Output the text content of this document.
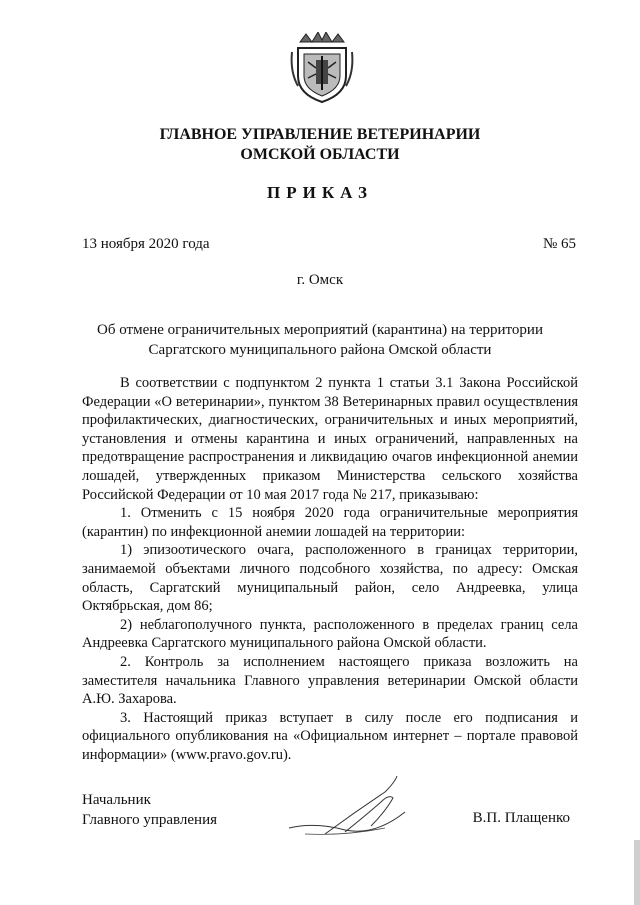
ГЛАВНОЕ УПРАВЛЕНИЕ ВЕТЕРИНАРИИ
ОМСКОЙ ОБЛАСТИ
ПРИКАЗ
13 ноября 2020 года	№ 65
г. Омск
Об отмене ограничительных мероприятий (карантина) на территории
Саргатского муниципального района Омской области

В соответствии с подпунктом 2 пункта 1 статьи 3.1 Закона Российской Федерации «О ветеринарии», пунктом 38 Ветеринарных правил осуществления профилактических, диагностических, ограничительных и иных мероприятий, установления и отмены карантина и иных ограничений, направленных на предотвращение распространения и ликвидацию очагов инфекционной анемии лошадей, утвержденных приказом Министерства сельского хозяйства Российской Федерации от 10 мая 2017 года № 217, приказываю:

1. Отменить с 15 ноября 2020 года ограничительные мероприятия (карантин) по инфекционной анемии лошадей на территории:

1) эпизоотического очага, расположенного в границах территории, занимаемой объектами личного подсобного хозяйства, по адресу: Омская область, Саргатский муниципальный район, село Андреевка, улица Октябрьская, дом 86;

2) неблагополучного пункта, расположенного в пределах границ села Андреевка Саргатского муниципального района Омской области.

2. Контроль за исполнением настоящего приказа возложить на заместителя начальника Главного управления ветеринарии Омской области А.Ю. Захарова.

3. Настоящий приказ вступает в силу после его подписания и официального опубликования на «Официальном интернет – портале правовой информации» (www.pravo.gov.ru).

Начальник
Главного управления	В.П. Плащенко
